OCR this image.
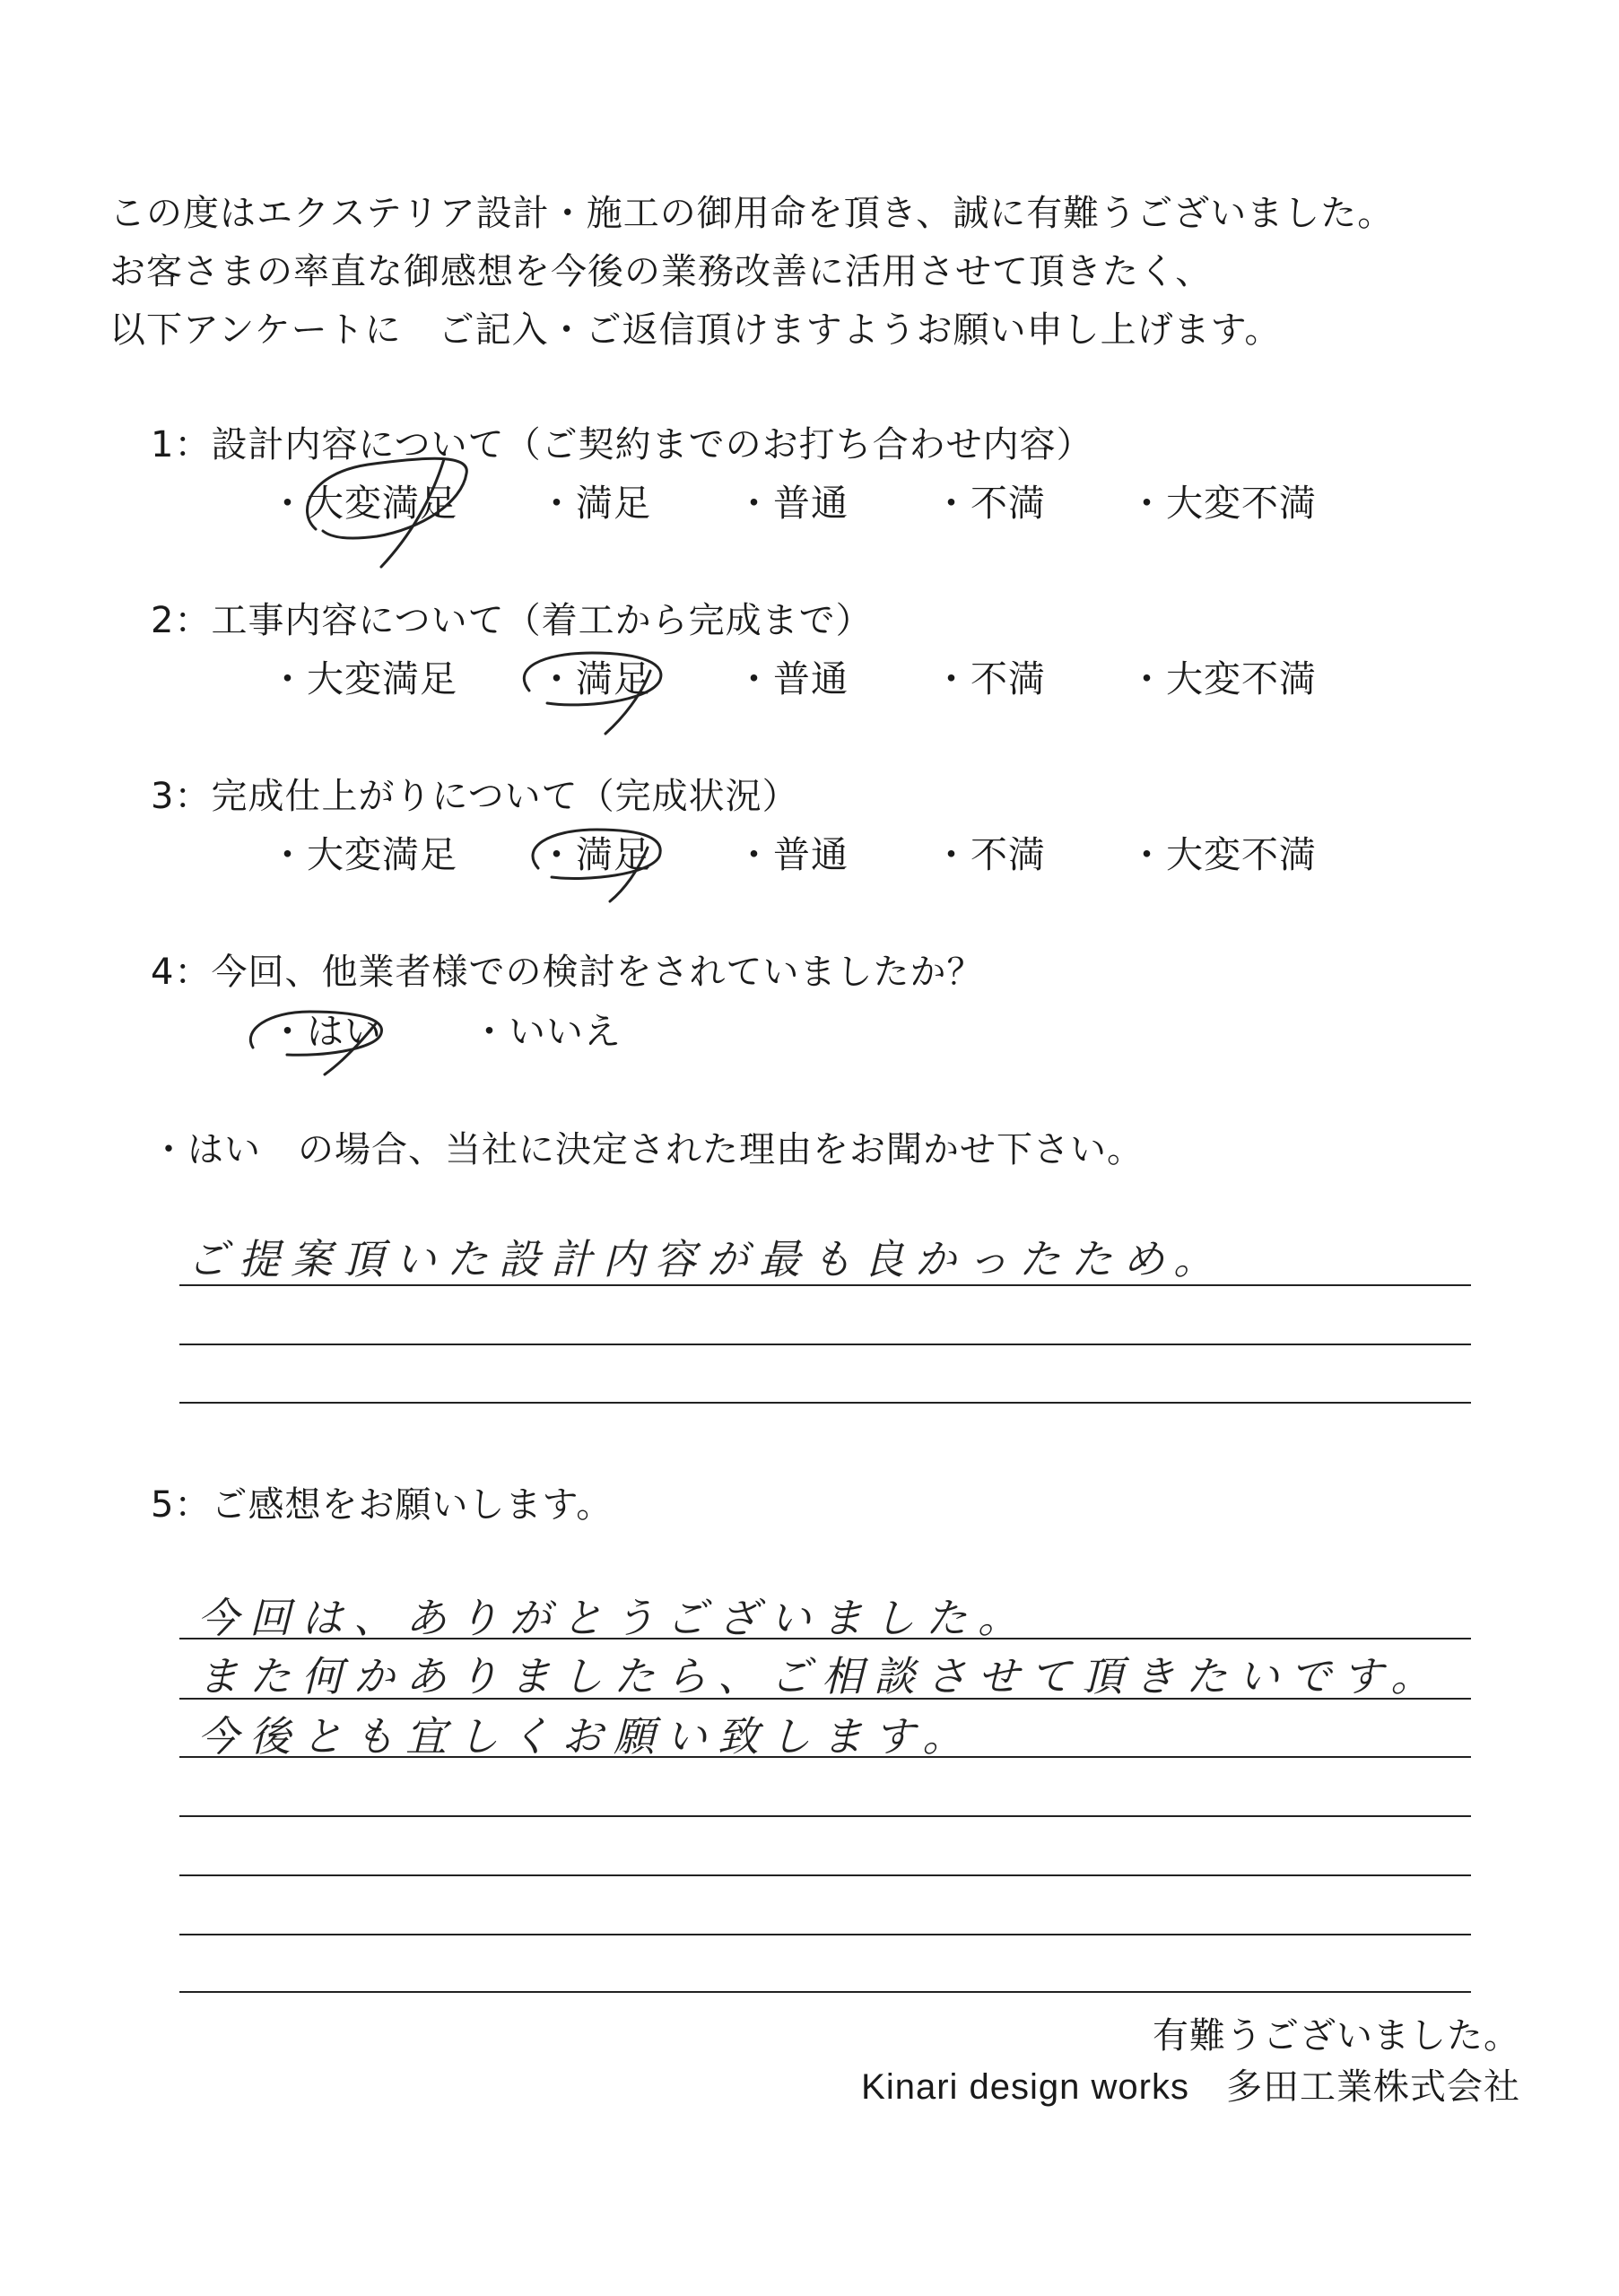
この度はエクステリア設計・施工の御用命を頂き、誠に有難うございました。
お客さまの率直な御感想を今後の業務改善に活用させて頂きたく、
以下アンケートに　ご記入・ご返信頂けますようお願い申し上げます。
1：設計内容について（ご契約までのお打ち合わせ内容）
・大変満足 ・満足 ・普通 ・不満 ・大変不満
2：工事内容について（着工から完成まで）
・大変満足 ・満足 ・普通 ・不満 ・大変不満
3：完成仕上がりについて（完成状況）
・大変満足 ・満足 ・普通 ・不満 ・大変不満
4：今回、他業者様での検討をされていましたか？
・はい ・いいえ
・はい　の場合、当社に決定された理由をお聞かせ下さい。
ご提案頂いた設計内容が最も良かったため。
5：ご感想をお願いします。
今回は、ありがとうございました。
また何かありましたら、ご相談させて頂きたいです。
今後とも宜しくお願い致します。
有難うございました。
Kinari design works　多田工業株式会社
